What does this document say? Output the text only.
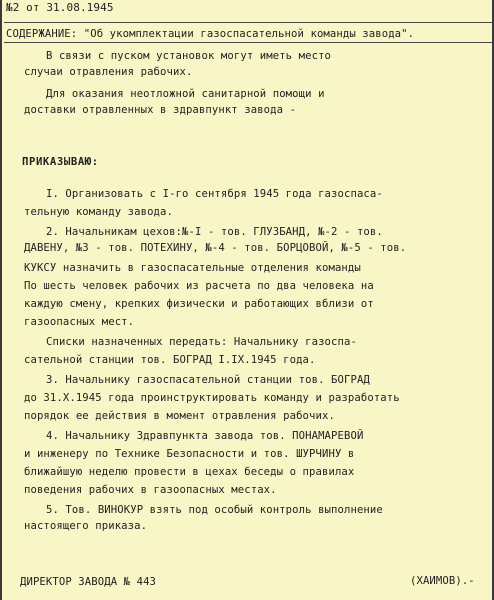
№2 от 31.08.1945
СОДЕРЖАНИЕ: "Об укомплектации газоспасательной команды завода".
В связи с пуском установок могут иметь место
случаи отравления рабочих.
Для оказания неотложной санитарной помощи и
доставки отравленных в здравпункт завода -
ПРИКАЗЫВАЮ:
I. Организовать с I-го сентября 1945 года газоспаса-
тельную команду завода.
2. Начальникам цехов:№-I - тов. ГЛУЗБАНД, №-2 - тов.
ДАВЕНУ, №3 - тов. ПОТЕХИНУ, №-4 - тов. БОРЦОВОЙ, №-5 - тов.
КУКСУ назначить в газоспасательные отделения команды
По шесть человек рабочих из расчета по два человека на
каждую смену, крепких физически и работающих вблизи от
газоопасных мест.
Списки назначенных передать: Начальнику газоспа-
сательной станции тов. БОГРАД I.IX.1945 года.
3. Начальнику газоспасательной станции тов. БОГРАД
до 31.Х.1945 года проинструктировать команду и разработать
порядок ее действия в момент отравления рабочих.
4. Начальнику Здравпункта завода тов. ПОНАМАРЕВОЙ
и инженеру по Технике Безопасности и тов. ШУРЧИНУ в
ближайшую неделю провести в цехах беседы о правилах
поведения рабочих в газоопасных местах.
5. Тов. ВИНОКУР взять под особый контроль выполнение
настоящего приказа.
ДИРЕКТОР ЗАВОДА № 443	(ХАИМОВ).-
